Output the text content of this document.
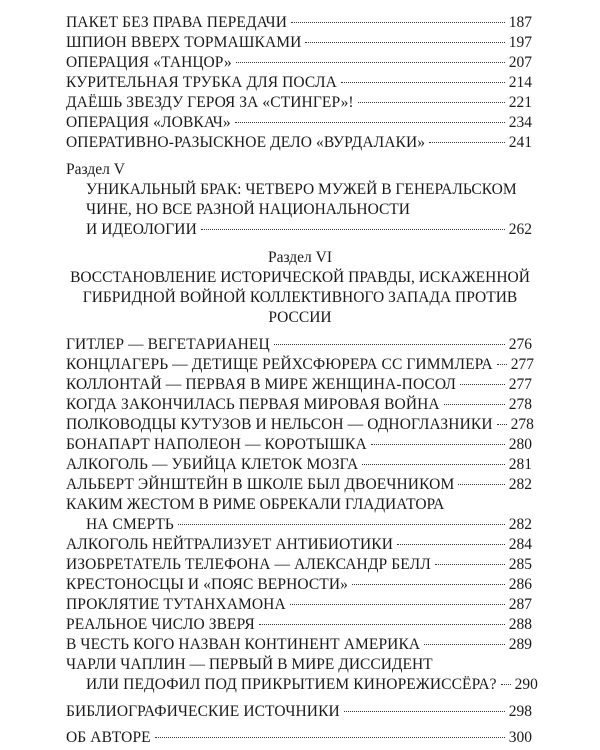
ПАКЕТ БЕЗ ПРАВА ПЕРЕДАЧИ	187
ШПИОН ВВЕРХ ТОРМАШКАМИ	197
ОПЕРАЦИЯ «ТАНЦОР»	207
КУРИТЕЛЬНАЯ ТРУБКА ДЛЯ ПОСЛА	214
ДАЁШЬ ЗВЕЗДУ ГЕРОЯ ЗА «СТИНГЕР»!	221
ОПЕРАЦИЯ «ЛОВКАЧ»	234
ОПЕРАТИВНО-РАЗЫСКНОЕ ДЕЛО «ВУРДАЛАКИ»	241
Раздел V
УНИКАЛЬНЫЙ БРАК: ЧЕТВЕРО МУЖЕЙ В ГЕНЕРАЛЬСКОМ
ЧИНЕ, НО ВСЕ РАЗНОЙ НАЦИОНАЛЬНОСТИ
И ИДЕОЛОГИИ	262
Раздел VI
ВОССТАНОВЛЕНИЕ ИСТОРИЧЕСКОЙ ПРАВДЫ, ИСКАЖЕННОЙ
ГИБРИДНОЙ ВОЙНОЙ КОЛЛЕКТИВНОГО ЗАПАДА ПРОТИВ
РОССИИ
ГИТЛЕР — ВЕГЕТАРИАНЕЦ	276
КОНЦЛАГЕРЬ — ДЕТИЩЕ РЕЙХСФЮРЕРА СС ГИММЛЕРА 277
КОЛЛОНТАЙ — ПЕРВАЯ В МИРЕ ЖЕНЩИНА-ПОСОЛ	277
КОГДА ЗАКОНЧИЛАСЬ ПЕРВАЯ МИРОВАЯ ВОЙНА	278
ПОЛКОВОДЦЫ КУТУЗОВ И НЕЛЬСОН — ОДНОГЛАЗНИКИ 278
БОНАПАРТ НАПОЛЕОН — КОРОТЫШКА	280
АЛКОГОЛЬ — УБИЙЦА КЛЕТОК МОЗГА	281
АЛЬБЕРТ ЭЙНШТЕЙН В ШКОЛЕ БЫЛ ДВОЕЧНИКОМ	282
КАКИМ ЖЕСТОМ В РИМЕ ОБРЕКАЛИ ГЛАДИАТОРА
НА СМЕРТЬ	282
АЛКОГОЛЬ НЕЙТРАЛИЗУЕТ АНТИБИОТИКИ	284
ИЗОБРЕТАТЕЛЬ ТЕЛЕФОНА — АЛЕКСАНДР БЕЛЛ	285
КРЕСТОНОСЦЫ И «ПОЯС ВЕРНОСТИ»	286
ПРОКЛЯТИЕ ТУТАНХАМОНА	287
РЕАЛЬНОЕ ЧИСЛО ЗВЕРЯ	288
В ЧЕСТЬ КОГО НАЗВАН КОНТИНЕНТ АМЕРИКА	289
ЧАРЛИ ЧАПЛИН — ПЕРВЫЙ В МИРЕ ДИССИДЕНТ
ИЛИ ПЕДОФИЛ ПОД ПРИКРЫТИЕМ КИНОРЕЖИССЁРА? 290
БИБЛИОГРАФИЧЕСКИЕ ИСТОЧНИКИ	298
ОБ АВТОРЕ	300
